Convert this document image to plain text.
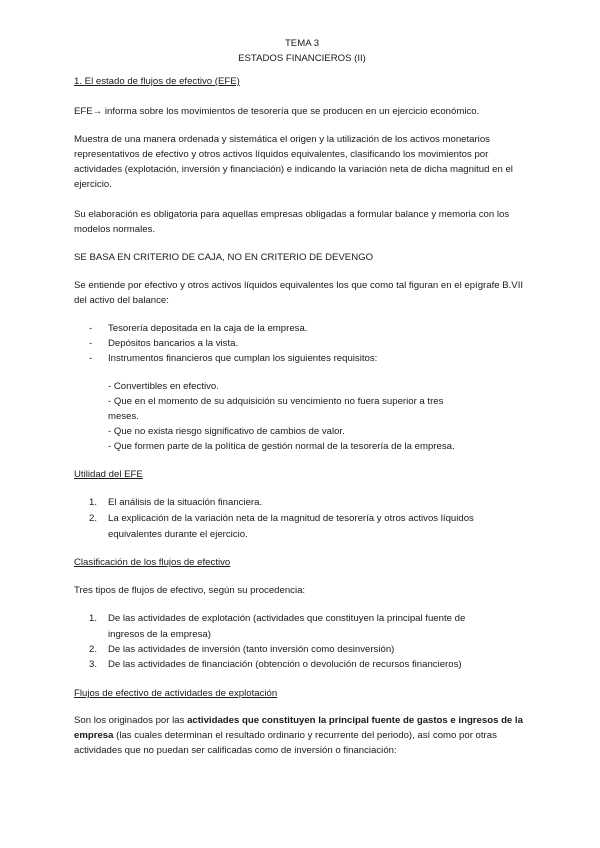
TEMA 3
ESTADOS FINANCIEROS (II)
1. El estado de flujos de efectivo (EFE)
EFE→ informa sobre los movimientos de tesorería que se producen en un ejercicio económico.
Muestra de una manera ordenada y sistemática el origen y la utilización de los activos monetarios representativos de efectivo y otros activos líquidos equivalentes, clasificando los movimientos por actividades (explotación, inversión y financiación) e indicando la variación neta de dicha magnitud en el ejercicio.
Su elaboración es obligatoria para aquellas empresas obligadas a formular balance y memoria con los modelos normales.
SE BASA EN CRITERIO DE CAJA, NO EN CRITERIO DE DEVENGO
Se entiende por efectivo y otros activos líquidos equivalentes los que como tal figuran en el epígrafe B.VII del activo del balance:
- Tesorería depositada en la caja de la empresa.
- Depósitos bancarios a la vista.
- Instrumentos financieros que cumplan los siguientes requisitos:
- Convertibles en efectivo.
- Que en el momento de su adquisición su vencimiento no fuera superior a tres
meses.
- Que no exista riesgo significativo de cambios de valor.
- Que formen parte de la política de gestión normal de la tesorería de la empresa.
Utilidad del EFE
1. El análisis de la situación financiera.
2. La explicación de la variación neta de la magnitud de tesorería y otros activos líquidos
equivalentes durante el ejercicio.
Clasificación de los flujos de efectivo
Tres tipos de flujos de efectivo, según su procedencia:
1. De las actividades de explotación (actividades que constituyen la principal fuente de
ingresos de la empresa)
2. De las actividades de inversión (tanto inversión como desinversión)
3. De las actividades de financiación (obtención o devolución de recursos financieros)
Flujos de efectivo de actividades de explotación
Son los originados por las actividades que constituyen la principal fuente de gastos e ingresos de la empresa (las cuales determinan el resultado ordinario y recurrente del periodo), así como por otras actividades que no puedan ser calificadas como de inversión o financiación:
